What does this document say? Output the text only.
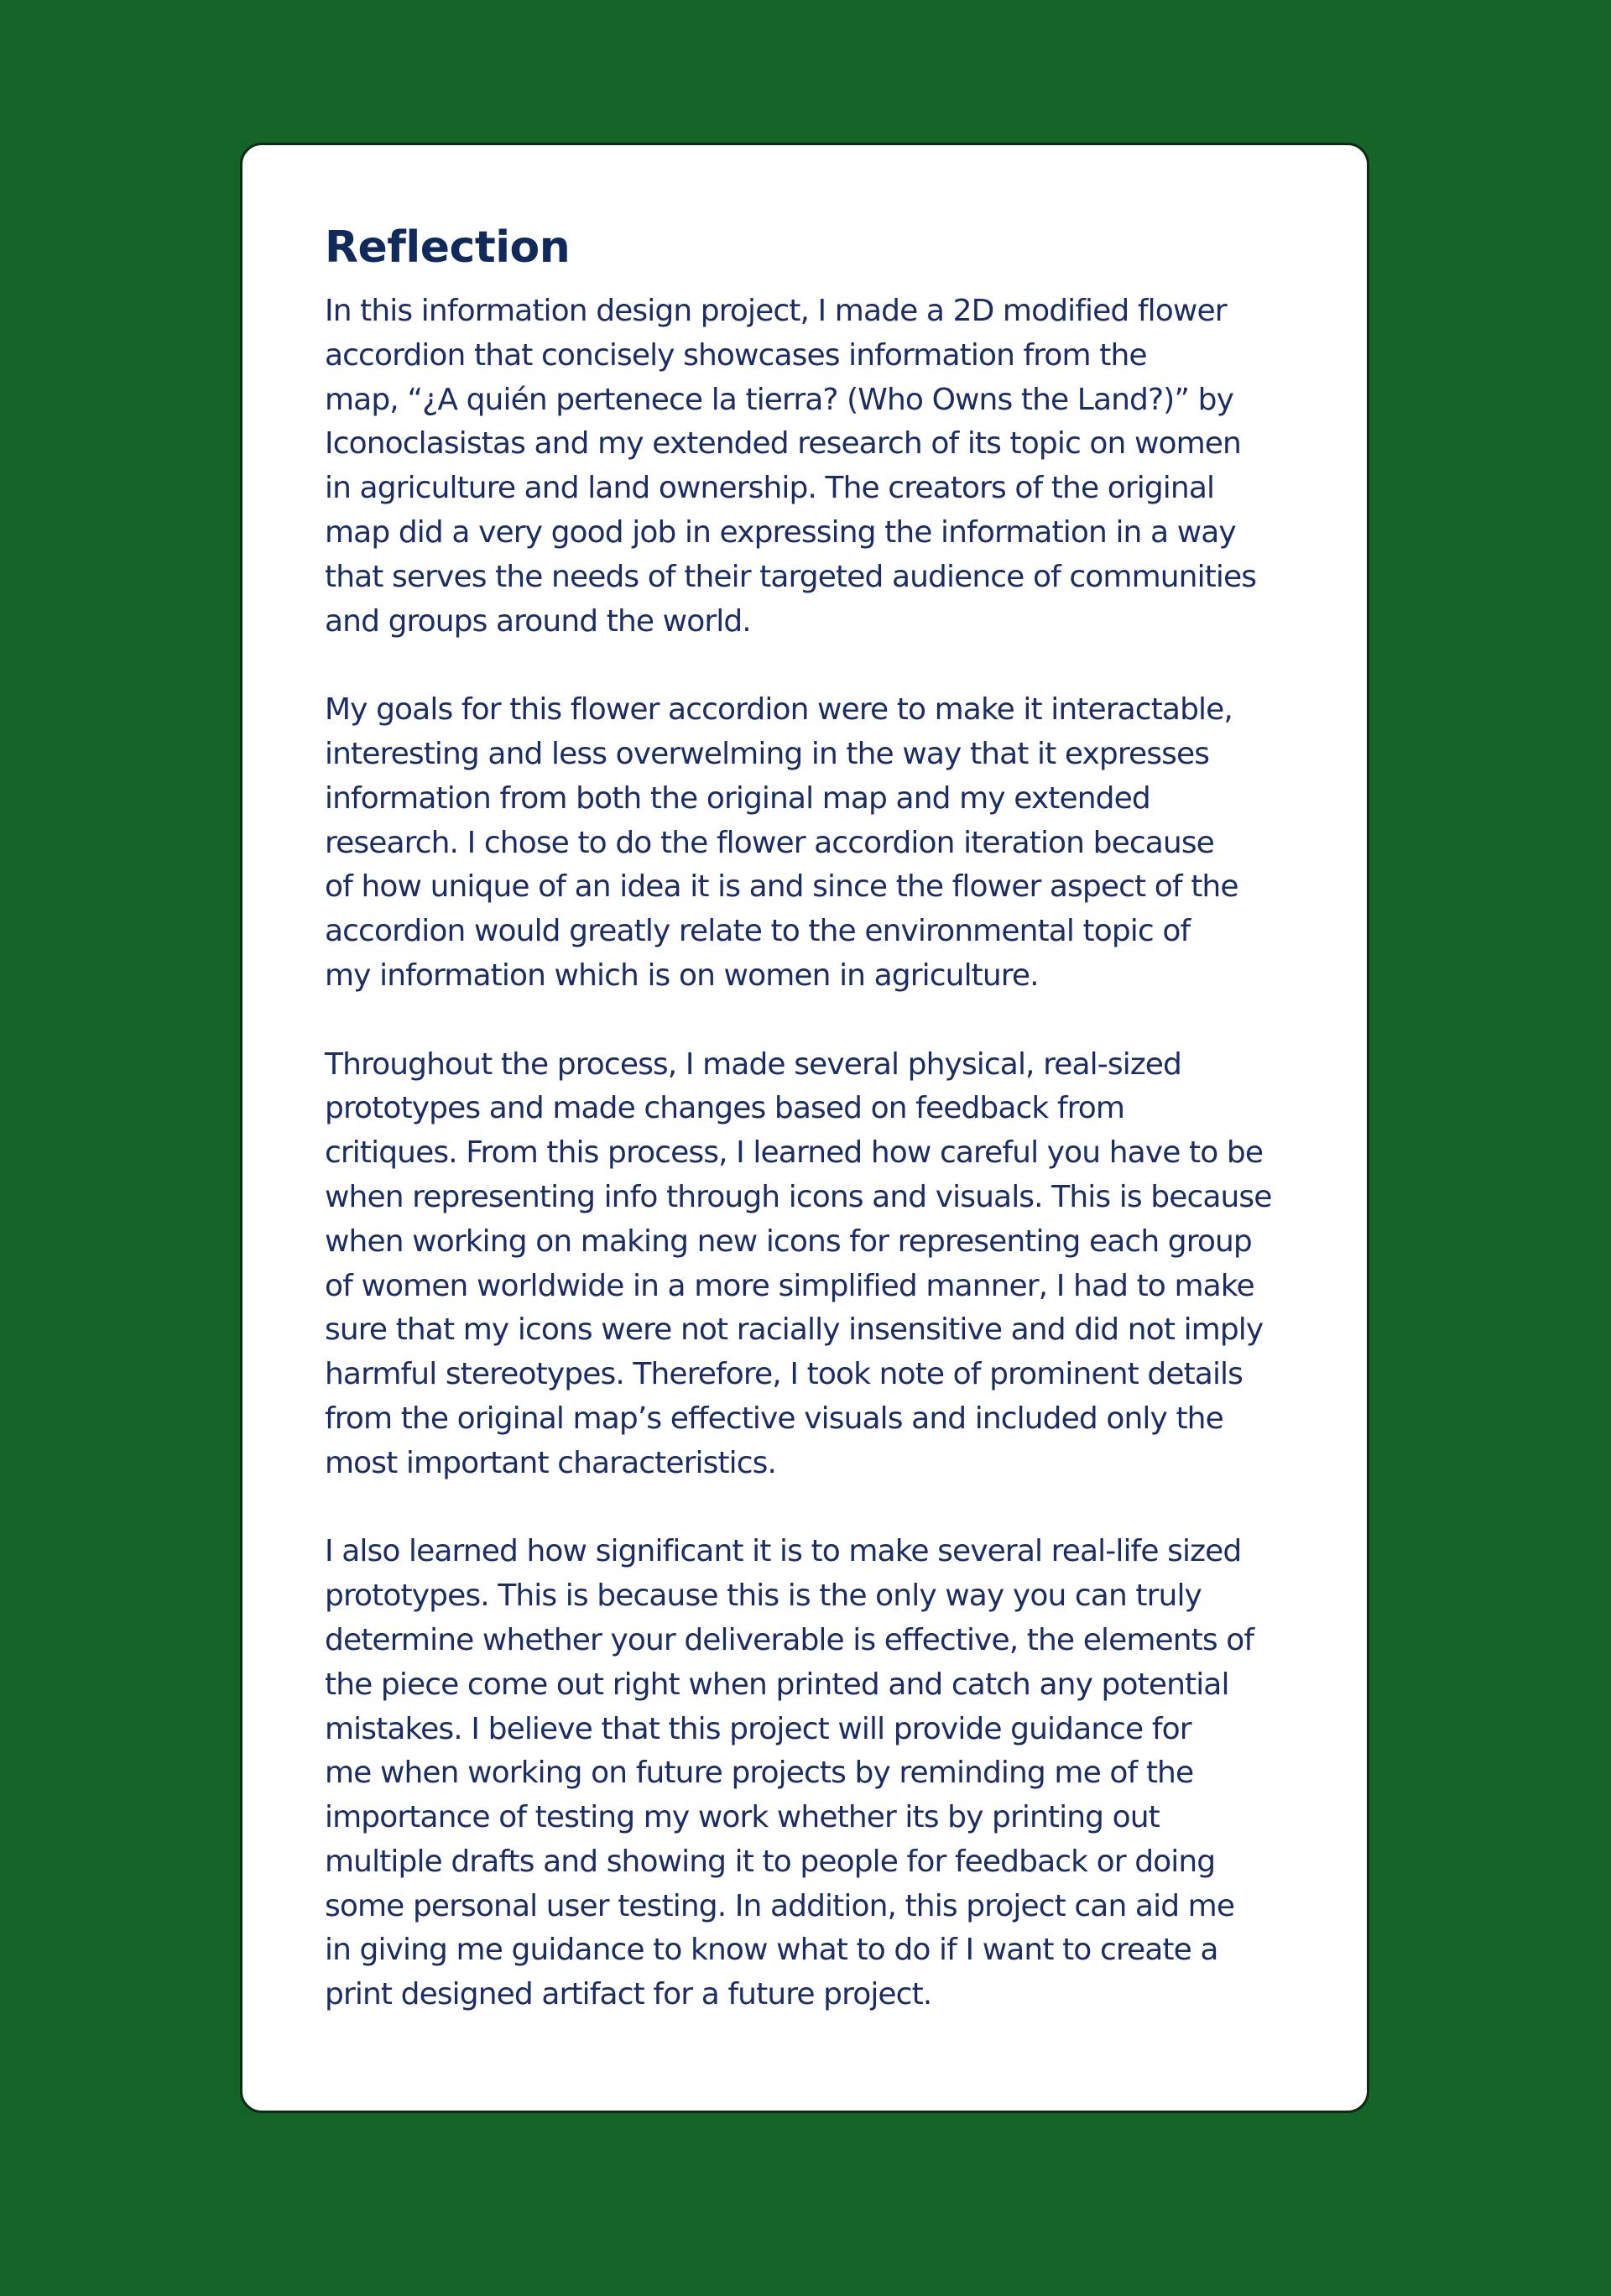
Reflection

In this information design project, I made a 2D modified flower
accordion that concisely showcases information from the
map, “¿A quién pertenece la tierra? (Who Owns the Land?)” by
Iconoclasistas and my extended research of its topic on women
in agriculture and land ownership. The creators of the original
map did a very good job in expressing the information in a way
that serves the needs of their targeted audience of communities
and groups around the world.

My goals for this flower accordion were to make it interactable,
interesting and less overwelming in the way that it expresses
information from both the original map and my extended
research. I chose to do the flower accordion iteration because
of how unique of an idea it is and since the flower aspect of the
accordion would greatly relate to the environmental topic of
my information which is on women in agriculture.

Throughout the process, I made several physical, real-sized
prototypes and made changes based on feedback from
critiques. From this process, I learned how careful you have to be
when representing info through icons and visuals. This is because
when working on making new icons for representing each group
of women worldwide in a more simplified manner, I had to make
sure that my icons were not racially insensitive and did not imply
harmful stereotypes. Therefore, I took note of prominent details
from the original map’s effective visuals and included only the
most important characteristics.

I also learned how significant it is to make several real-life sized
prototypes. This is because this is the only way you can truly
determine whether your deliverable is effective, the elements of
the piece come out right when printed and catch any potential
mistakes. I believe that this project will provide guidance for
me when working on future projects by reminding me of the
importance of testing my work whether its by printing out
multiple drafts and showing it to people for feedback or doing
some personal user testing. In addition, this project can aid me
in giving me guidance to know what to do if I want to create a
print designed artifact for a future project.
